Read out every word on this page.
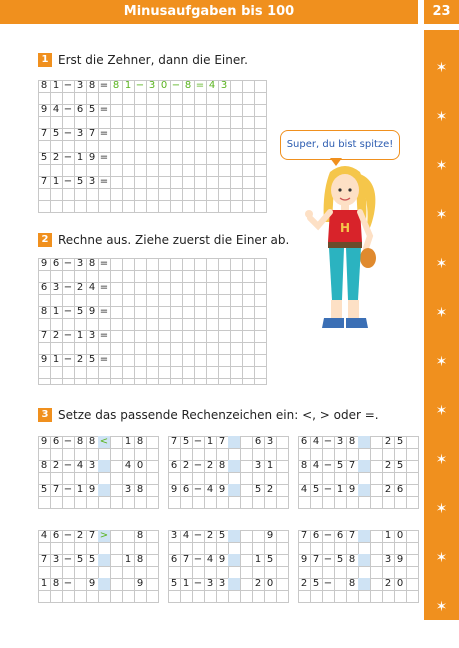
Minusaufgaben bis 100	23
✶
✶
✶
✶
✶
✶
✶
✶
✶
✶
✶
✶
1 Erst die Zehner, dann die Einer.
8 1 − 3 8 = 8 1 − 3 0 − 8 = 4 3
9 4 − 6 5 =
7 5 − 3 7 =
5 2 − 1 9 =
7 1 − 5 3 =
2 Rechne aus. Ziehe zuerst die Einer ab.
9 6 − 3 8 =
6 3 − 2 4 =
8 1 − 5 9 =
7 2 − 1 3 =
9 1 − 2 5 =
3 Setze das passende Rechenzeichen ein: <, > oder =.
9 6 − 8 8 < 1 8
8 2 − 4 3	4 0
5 7 − 1 9	3 8
7 5 − 1 7	6 3
6 2 − 2 8	3 1
9 6 − 4 9	5 2
6 4 − 3 8	2 5
8 4 − 5 7	2 5
4 5 − 1 9	2 6
4 6 − 2 7 >	8
7 3 − 5 5	1 8
1 8 − 9	9
3 4 − 2 5	9
6 7 − 4 9	1 5
5 1 − 3 3	2 0
7 6 − 6 7	1 0
9 7 − 5 8	3 9
2 5 − 8	2 0
Super, du bist spitze!
H
